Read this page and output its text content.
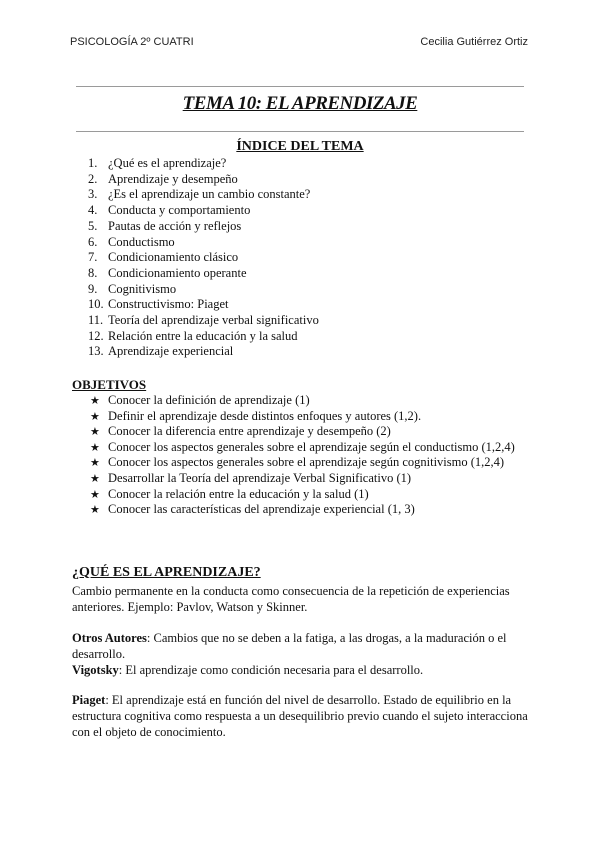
PSICOLOGÍA 2º CUATRI	Cecilia Gutiérrez Ortiz
TEMA 10: EL APRENDIZAJE
ÍNDICE DEL TEMA
1. ¿Qué es el aprendizaje?
2. Aprendizaje y desempeño
3. ¿Es el aprendizaje un cambio constante?
4. Conducta y comportamiento
5. Pautas de acción y reflejos
6. Conductismo
7. Condicionamiento clásico
8. Condicionamiento operante
9. Cognitivismo
10. Constructivismo: Piaget
11. Teoría del aprendizaje verbal significativo
12. Relación entre la educación y la salud
13. Aprendizaje experiencial
OBJETIVOS
★ Conocer la definición de aprendizaje (1)
★ Definir el aprendizaje desde distintos enfoques y autores (1,2).
★ Conocer la diferencia entre aprendizaje y desempeño (2)
★ Conocer los aspectos generales sobre el aprendizaje según el conductismo (1,2,4)
★ Conocer los aspectos generales sobre el aprendizaje según cognitivismo (1,2,4)
★ Desarrollar la Teoría del aprendizaje Verbal Significativo (1)
★ Conocer la relación entre la educación y la salud (1)
★ Conocer las características del aprendizaje experiencial (1, 3)
¿QUÉ ES EL APRENDIZAJE?

Cambio permanente en la conducta como consecuencia de la repetición de experiencias anteriores. Ejemplo: Pavlov, Watson y Skinner.

Otros Autores: Cambios que no se deben a la fatiga, a las drogas, a la maduración o el desarrollo.

Vigotsky: El aprendizaje como condición necesaria para el desarrollo.

Piaget: El aprendizaje está en función del nivel de desarrollo. Estado de equilibrio en la estructura cognitiva como respuesta a un desequilibrio previo cuando el sujeto interacciona con el objeto de conocimiento.
